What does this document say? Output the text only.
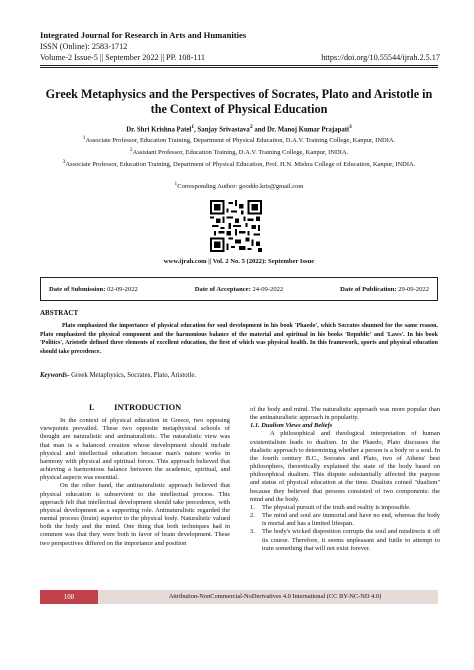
Integrated Journal for Research in Arts and Humanities
ISSN (Online): 2583-1712
Volume-2 Issue-5 || September 2022 || PP. 108-111	https://doi.org/10.55544/ijrah.2.5.17
Greek Metaphysics and the Perspectives of Socrates, Plato and Aristotle in the Context of Physical Education
Dr. Shri Krishna Patel$^1$, Sanjay Srivastava$^2$ and Dr. Manoj Kumar Prajapati$^3$
$^1$Associate Professor, Education Training, Department of Physical Education, D.A.V. Training College, Kanpur, INDIA.
$^2$Assistant Professor, Education Training, D.A.V. Training College, Kanpur, INDIA.
$^3$Associate Professor, Education Training, Department of Physical Education, Prof. H.N. Mishra College of Education, Kanpur, INDIA.
$^1$Corresponding Author: gooddo.kris@gmail.com
www.ijrah.com || Vol. 2 No. 5 (2022): September Issue
Date of Submission: 02-09-2022	Date of Acceptance: 24-09-2022	Date of Publication: 29-09-2022
ABSTRACT
Plato emphasized the importance of physical education for soul development in his book 'Phaedo', which Socrates shunned for the same reason. Plato emphasized the physical component and the harmonious balance of the material and spiritual in his books 'Republic' and 'Laws'. In his book 'Politics', Aristotle defined three elements of excellent education, the first of which was physical health. In this framework, sports and physical education should take precedence.
Keywords- Greek Metaphysics, Socrates, Plato, Aristotle.
I. INTRODUCTION

In the context of physical education in Greece, two opposing viewpoints prevailed. These two opposite metaphysical schools of thought are naturalistic and antinaturalistic. The naturalistic view was that man is a balanced creation whose development should include physical and intellectual education because man's nature works in harmony with physical and spiritual forces. This approach believed that achieving a harmonious balance between the academic, spiritual, and physical aspects was essential.

On the other hand, the antinaturalistic approach believed that physical education is subservient to the intellectual process. This approach felt that intellectual development should take precedence, with physical development as a supporting role. Antinaturalistic regarded the mental process (brain) superior to the physical body. Naturalistic valued both the body and the mind. One thing that both techniques had in common was that they were both in favor of brain development. These two perspectives differed on the importance and position

of the body and mind. The naturalistic approach was more popular than the antinaturalistic approach in popularity.

1.1. Dualism Views and Beliefs

A philosophical and theological interpretation of human existentialism leads to dualism. In the Phaedo, Plato discusses the dualistic approach to determining whether a person is a body or a soul. In the fourth century B.C., Socrates and Plato, two of Athens' best philosophers, theoretically explained the state of the body based on philosophical dualism. This dispute substantially affected the purpose and status of physical education at the time. Dualists coined "dualism" because they believed that persons consisted of two components: the mind and the body.

1.	The physical pursuit of the truth and reality is impossible.
2.	The mind and soul are immortal and have no end, whereas the body is mortal and has a limited lifespan.
3.	The body's wicked disposition corrupts the soul and misdirects it off its course. Therefore, it seems unpleasant and futile to attempt to train something that will not exist forever.
108	Attribution-NonCommercial-NoDerivatives 4.0 International (CC BY-NC-ND 4.0)
